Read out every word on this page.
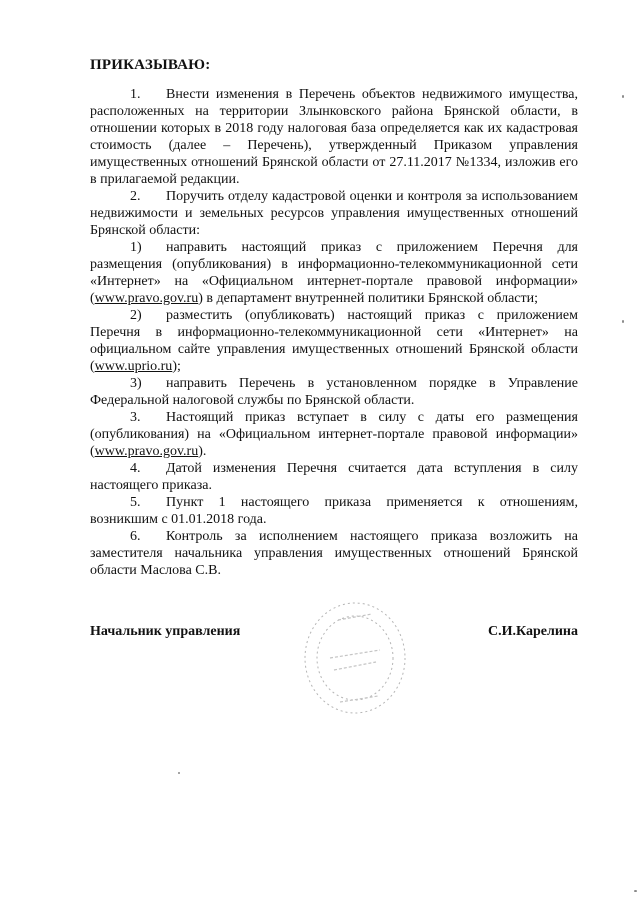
ПРИКАЗЫВАЮ:

1. Внести изменения в Перечень объектов недвижимого имущества, расположенных на территории Злынковского района Брянской области, в отношении которых в 2018 году налоговая база определяется как их кадастровая стоимость (далее – Перечень), утвержденный Приказом управления имущественных отношений Брянской области от 27.11.2017 №1334, изложив его в прилагаемой редакции.

2. Поручить отделу кадастровой оценки и контроля за использованием недвижимости и земельных ресурсов управления имущественных отношений Брянской области:

1) направить настоящий приказ с приложением Перечня для размещения (опубликования) в информационно-телекоммуникационной сети «Интернет» на «Официальном интернет-портале правовой информации» (www.pravo.gov.ru) в департамент внутренней политики Брянской области;

2) разместить (опубликовать) настоящий приказ с приложением Перечня в информационно-телекоммуникационной сети «Интернет» на официальном сайте управления имущественных отношений Брянской области (www.uprio.ru);

3) направить Перечень в установленном порядке в Управление Федеральной налоговой службы по Брянской области.

3. Настоящий приказ вступает в силу с даты его размещения (опубликования) на «Официальном интернет-портале правовой информации» (www.pravo.gov.ru).

4. Датой изменения Перечня считается дата вступления в силу настоящего приказа.

5. Пункт 1 настоящего приказа применяется к отношениям, возникшим с 01.01.2018 года.

6. Контроль за исполнением настоящего приказа возложить на заместителя начальника управления имущественных отношений Брянской области Маслова С.В.

Начальник управления	С.И.Карелина
